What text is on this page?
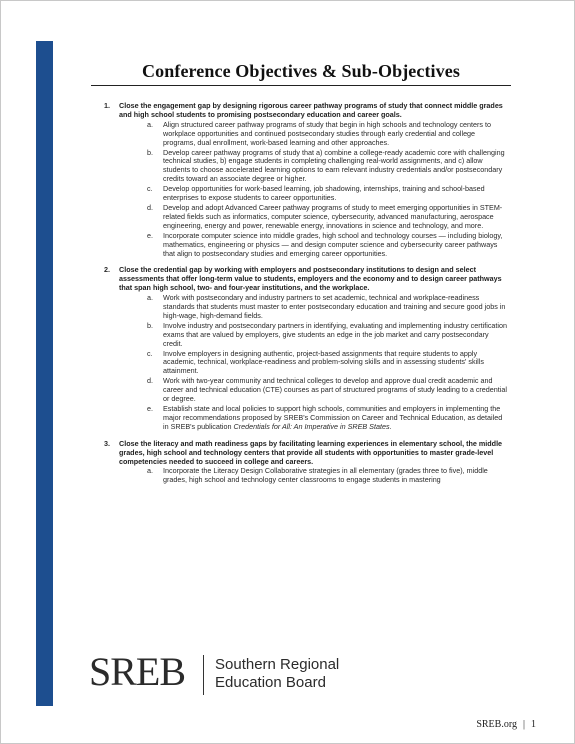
Conference Objectives & Sub-Objectives
1. Close the engagement gap by designing rigorous career pathway programs of study that connect middle grades and high school students to promising postsecondary education and career goals.
a. Align structured career pathway programs of study that begin in high schools and technology centers to workplace opportunities and continued postsecondary studies through early credential and college programs, dual enrollment, work-based learning and other approaches.
b. Develop career pathway programs of study that a) combine a college-ready academic core with challenging technical studies, b) engage students in completing challenging real-world assignments, and c) allow students to choose accelerated learning options to earn relevant industry credentials and/or postsecondary credits toward an associate degree or higher.
c. Develop opportunities for work-based learning, job shadowing, internships, training and school-based enterprises to expose students to career opportunities.
d. Develop and adopt Advanced Career pathway programs of study to meet emerging opportunities in STEM-related fields such as informatics, computer science, cybersecurity, advanced manufacturing, aerospace engineering, energy and power, renewable energy, innovations in science and technology, and more.
e. Incorporate computer science into middle grades, high school and technology courses — including biology, mathematics, engineering or physics — and design computer science and cybersecurity career pathways that align to postsecondary studies and emerging career opportunities.
2. Close the credential gap by working with employers and postsecondary institutions to design and select assessments that offer long-term value to students, employers and the economy and to design career pathways that span high school, two- and four-year institutions, and the workplace.
a. Work with postsecondary and industry partners to set academic, technical and workplace-readiness standards that students must master to enter postsecondary education and training and secure good jobs in high-wage, high-demand fields.
b. Involve industry and postsecondary partners in identifying, evaluating and implementing industry certification exams that are valued by employers, give students an edge in the job market and carry postsecondary credit.
c. Involve employers in designing authentic, project-based assignments that require students to apply academic, technical, workplace-readiness and problem-solving skills and in assessing students' skills attainment.
d. Work with two-year community and technical colleges to develop and approve dual credit academic and career and technical education (CTE) courses as part of structured programs of study leading to a credential or degree.
e. Establish state and local policies to support high schools, communities and employers in implementing the major recommendations proposed by SREB's Commission on Career and Technical Education, as detailed in SREB's publication Credentials for All: An Imperative in SREB States.
3. Close the literacy and math readiness gaps by facilitating learning experiences in elementary school, the middle grades, high school and technology centers that provide all students with opportunities to master grade-level competencies needed to succeed in college and careers.
a. Incorporate the Literacy Design Collaborative strategies in all elementary (grades three to five), middle grades, high school and technology center classrooms to engage students in mastering
SREB Southern Regional
Education Board
SREB.org | 1
